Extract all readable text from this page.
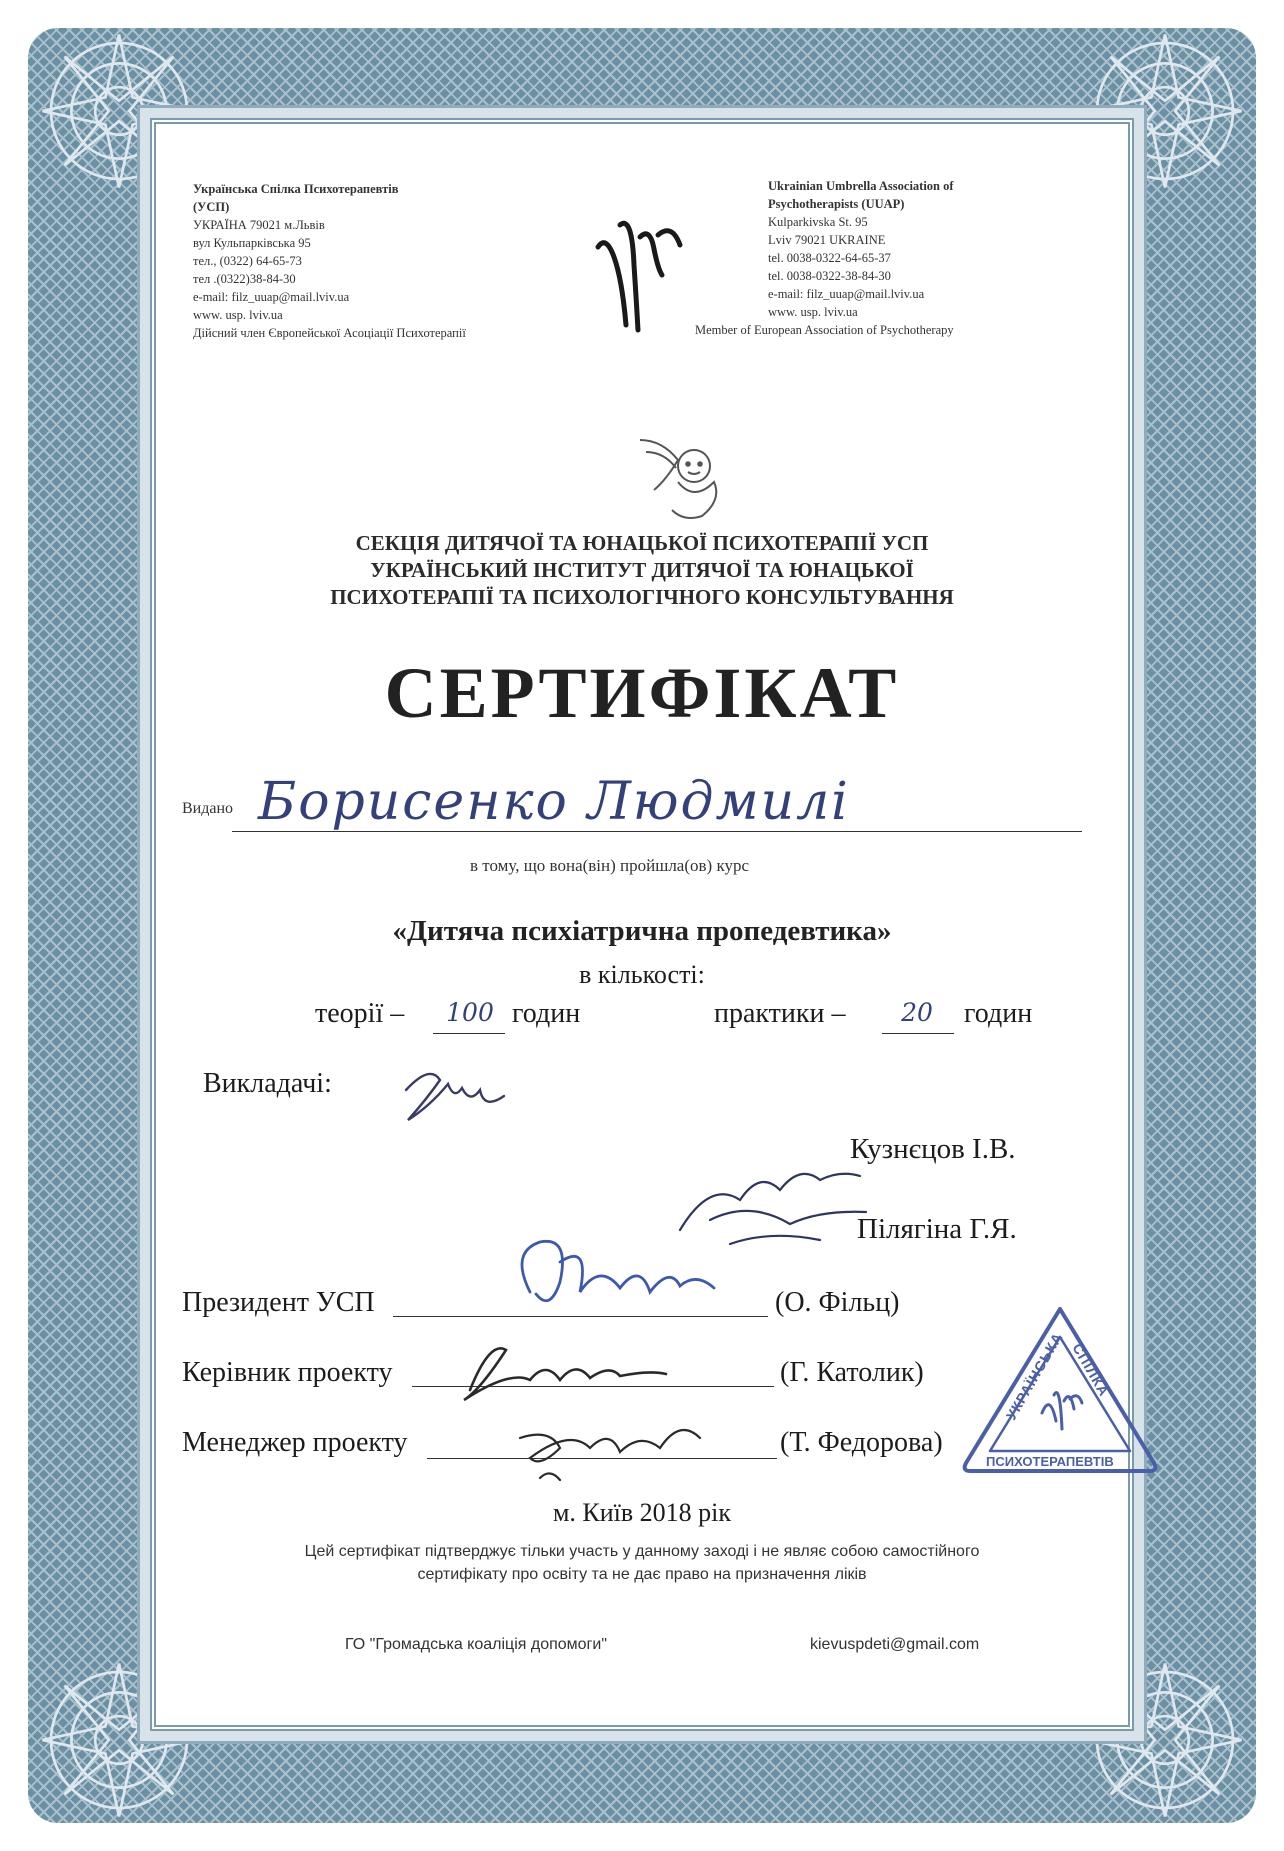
Українська Спілка Психотерапевтів
(УСП)
УКРАЇНА 79021 м.Львів
вул Кульпарківська 95
тел., (0322) 64-65-73
тел .(0322)38-84-30
e-mail: filz_uuap@mail.lviv.ua
www. usp. lviv.ua
Дійсний член Європейської Асоціації Психотерапії
Ukrainian Umbrella Association of
Psychotherapists (UUAP)
Kulparkivska St. 95
Lviv 79021 UKRAINE
tel. 0038-0322-64-65-37
tel. 0038-0322-38-84-30
e-mail: filz_uuap@mail.lviv.ua
www. usp. lviv.ua
Member of European Association of Psychotherapy
СЕКЦІЯ ДИТЯЧОЇ ТА ЮНАЦЬКОЇ ПСИХОТЕРАПІЇ УСП
УКРАЇНСЬКИЙ ІНСТИТУТ ДИТЯЧОЇ ТА ЮНАЦЬКОЇ
ПСИХОТЕРАПІЇ ТА ПСИХОЛОГІЧНОГО КОНСУЛЬТУВАННЯ
СЕРТИФІКАТ
Видано Борисенко Людмилі
в тому, що вона(він) пройшла(ов) курс
«Дитяча психіатрична пропедевтика»
в кількості:
теорії –	100 годин	практики –	20	годин
Викладачі:
Кузнєцов І.В.
Пілягіна Г.Я.
Президент УСП	(О. Фільц)
Керівник проекту	(Г. Католик)
Менеджер проекту	(Т. Федорова)
УКРАЇНСЬКА СПІЛКА
ПСИХОТЕРАПЕВТІВ
м. Київ 2018 рік
Цей сертифікат підтверджує тільки участь у данному заході і не являє собою самостійного
сертифікату про освіту та не дає право на призначення ліків
ГО "Громадська коаліція допомоги"	kievuspdeti@gmail.com
